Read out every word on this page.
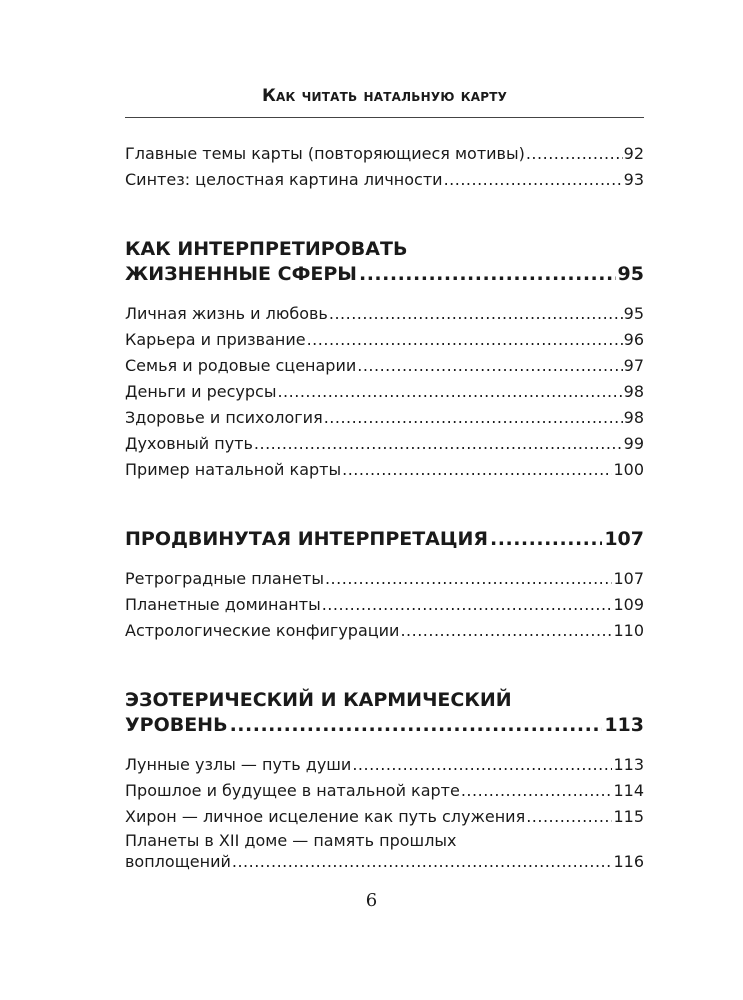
Как читать натальную карту
Главные темы карты (повторяющиеся мотивы) .....	92
Синтез: целостная картина личности .....	93
КАК ИНТЕРПРЕТИРОВАТЬ
ЖИЗНЕННЫЕ СФЕРЫ .....	95
Личная жизнь и любовь .....	95
Карьера и призвание .....	96
Семья и родовые сценарии .....	97
Деньги и ресурсы .....	98
Здоровье и психология .....	98
Духовный путь .....	99
Пример натальной карты .....	100
ПРОДВИНУТАЯ ИНТЕРПРЕТАЦИЯ .....	107
Ретроградные планеты .....	107
Планетные доминанты .....	109
Астрологические конфигурации .....	110
ЭЗОТЕРИЧЕСКИЙ И КАРМИЧЕСКИЙ
УРОВЕНЬ .....	113
Лунные узлы — путь души .....	113
Прошлое и будущее в натальной карте .....	114
Хирон — личное исцеление как путь служения .....	115
Планеты в XII доме — память прошлых
воплощений .....	116
6
